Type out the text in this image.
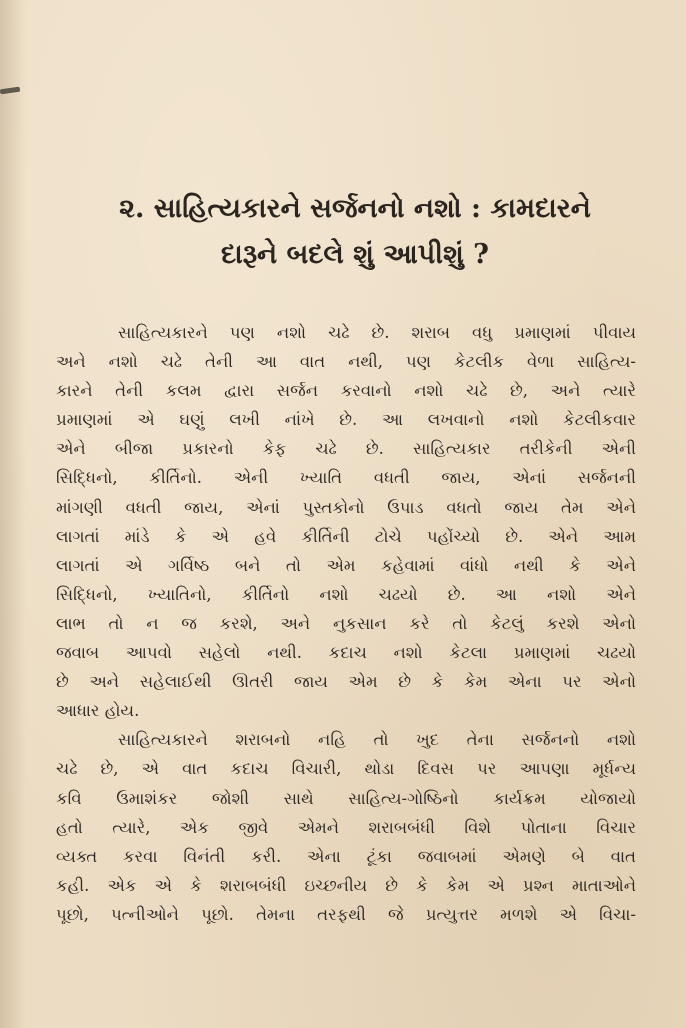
૨. સાહિત્યકારને સર્જનનો નશો : કામદારને
દારૂને બદલે શું આપીશું ?
સાહિત્યકારને પણ નશો ચઢે છે. શરાબ વધુ પ્રમાણમાં પીવાય
અને નશો ચઢે તેની આ વાત નથી, પણ કેટલીક વેળા સાહિત્ય-
કારને તેની કલમ દ્વારા સર્જન કરવાનો નશો ચઢે છે, અને ત્યારે
પ્રમાણમાં એ ઘણું લખી નાંખે છે. આ લખવાનો નશો કેટલીકવાર
એને બીજા પ્રકારનો કેફ ચઢે છે. સાહિત્યકાર તરીકેની એની
સિદ્ધિનો, કીર્તિનો. એની ખ્યાતિ વધતી જાય, એનાં સર્જનની
માંગણી વધતી જાય, એનાં પુસ્તકોનો ઉપાડ વધતો જાય તેમ એને
લાગતાં માંડે કે એ હવે કીર્તિની ટોચે પહોંચ્યો છે. એને આમ
લાગતાં એ ગર્વિષ્ઠ બને તો એમ કહેવામાં વાંધો નથી કે એને
સિદ્ધિનો, ખ્યાતિનો, કીર્તિનો નશો ચઢયો છે. આ નશો એને
લાભ તો ન જ કરશે, અને નુકસાન કરે તો કેટલું કરશે એનો
જવાબ આપવો સહેલો નથી. કદાચ નશો કેટલા પ્રમાણમાં ચઢયો
છે અને સહેલાઈથી ઊતરી જાય એમ છે કે કેમ એના પર એનો
આધાર હોય.
સાહિત્યકારને શરાબનો નહિ તો ખુદ તેના સર્જનનો નશો
ચઢે છે, એ વાત કદાચ વિચારી, થોડા દિવસ પર આપણા મૂર્ધન્ય
કવિ ઉમાશંકર જોશી સાથે સાહિત્ય-ગોષ્ઠિનો કાર્યક્રમ યોજાયો
હતો ત્યારે, એક જીવે એમને શરાબબંધી વિશે પોતાના વિચાર
વ્યક્ત કરવા વિનંતી કરી. એના ટૂંકા જવાબમાં એમણે બે વાત
કહી. એક એ કે શરાબબંધી ઇચ્છનીય છે કે કેમ એ પ્રશ્ન માતાઓને
પૂછો, પત્નીઓને પૂછો. તેમના તરફથી જે પ્રત્યુત્તર મળશે એ વિચા-
